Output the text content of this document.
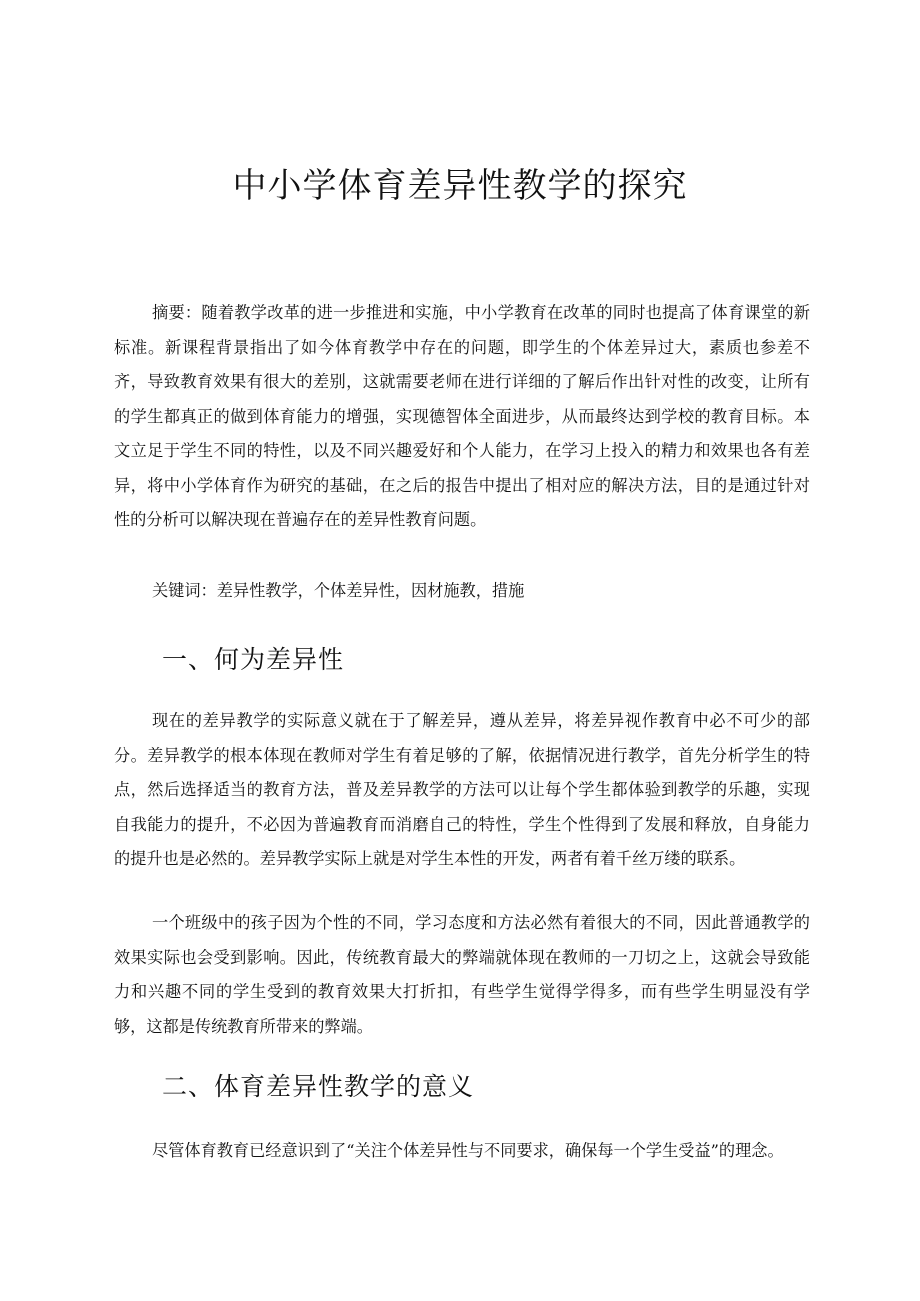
中小学体育差异性教学的探究

摘要：随着教学改革的进一步推进和实施，中小学教育在改革的同时也提高了体育课堂的新标准。新课程背景指出了如今体育教学中存在的问题，即学生的个体差异过大，素质也参差不齐，导致教育效果有很大的差别，这就需要老师在进行详细的了解后作出针对性的改变，让所有的学生都真正的做到体育能力的增强，实现德智体全面进步，从而最终达到学校的教育目标。本文立足于学生不同的特性，以及不同兴趣爱好和个人能力，在学习上投入的精力和效果也各有差异，将中小学体育作为研究的基础，在之后的报告中提出了相对应的解决方法，目的是通过针对性的分析可以解决现在普遍存在的差异性教育问题。

关键词：差异性教学，个体差异性，因材施教，措施

一、何为差异性

现在的差异教学的实际意义就在于了解差异，遵从差异，将差异视作教育中必不可少的部分。差异教学的根本体现在教师对学生有着足够的了解，依据情况进行教学，首先分析学生的特点，然后选择适当的教育方法，普及差异教学的方法可以让每个学生都体验到教学的乐趣，实现自我能力的提升，不必因为普遍教育而消磨自己的特性，学生个性得到了发展和释放，自身能力的提升也是必然的。差异教学实际上就是对学生本性的开发，两者有着千丝万缕的联系。

一个班级中的孩子因为个性的不同，学习态度和方法必然有着很大的不同，因此普通教学的效果实际也会受到影响。因此，传统教育最大的弊端就体现在教师的一刀切之上，这就会导致能力和兴趣不同的学生受到的教育效果大打折扣，有些学生觉得学得多，而有些学生明显没有学够，这都是传统教育所带来的弊端。

二、体育差异性教学的意义

尽管体育教育已经意识到了“关注个体差异性与不同要求，确保每一个学生受益”的理念。
